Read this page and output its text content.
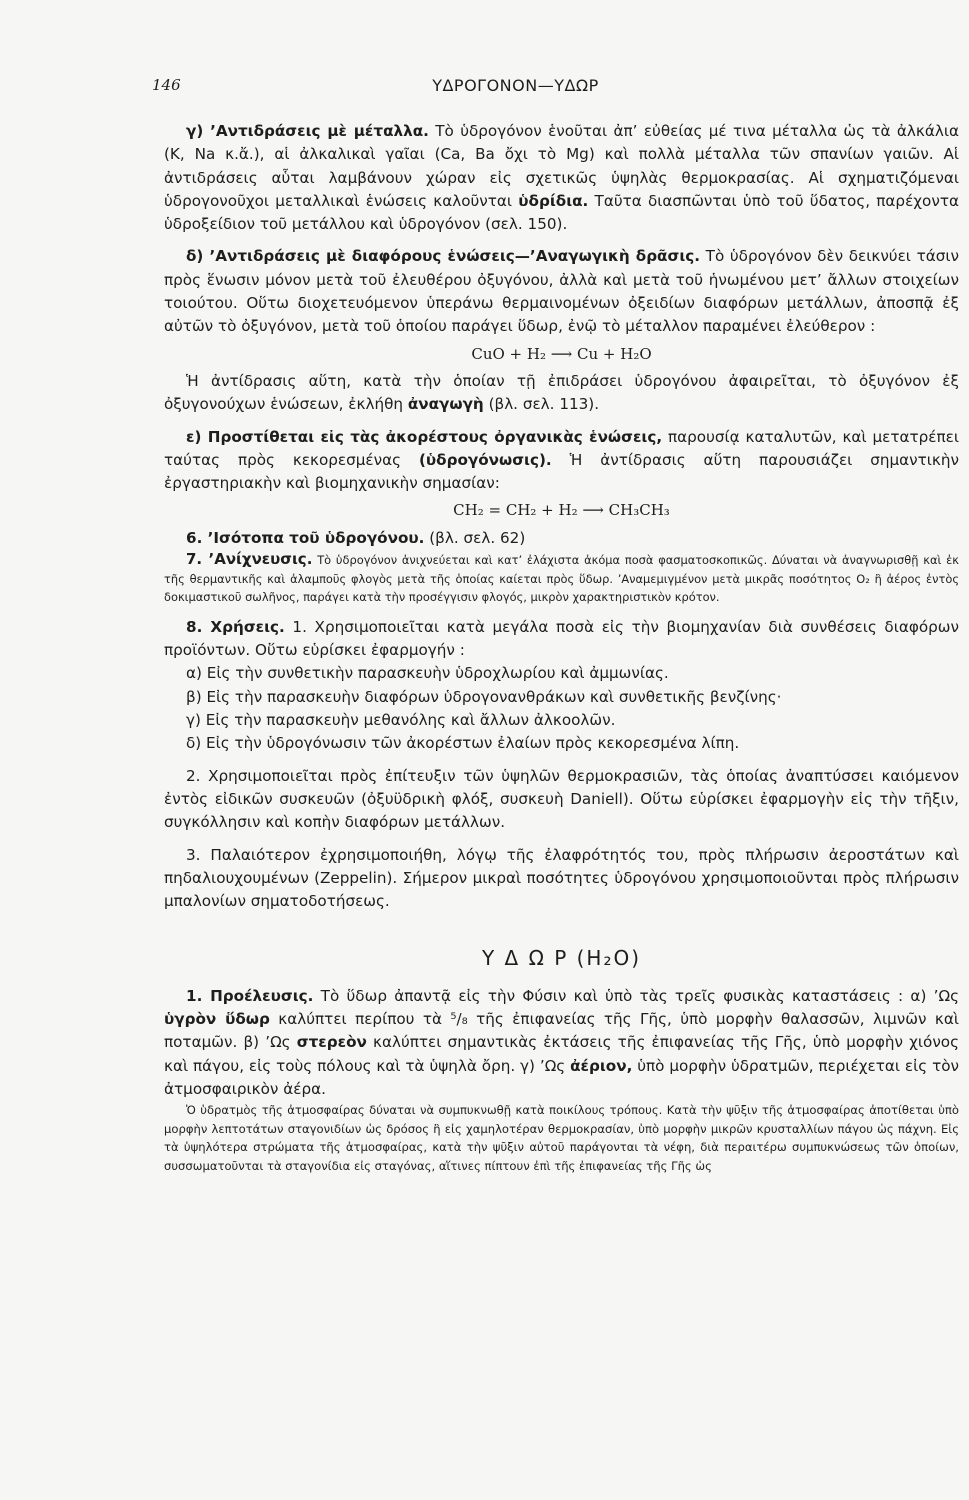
146	ΥΔΡΟΓΟΝΟΝ—ΥΔΩΡ

γ) ’Αντιδράσεις μὲ μέταλλα. Τὸ ὑδρογόνον ἑνοῦται ἀπ’ εὐθείας μέ τινα μέταλλα ὡς τὰ ἀλκάλια (K, Na κ.ἄ.), αἱ ἀλκαλικαὶ γαῖαι (Ca, Ba ὄχι τὸ Mg) καὶ πολλὰ μέταλλα τῶν σπανίων γαιῶν. Αἱ ἀντιδράσεις αὗται λαμβάνουν χώραν εἰς σχετικῶς ὑψηλὰς θερμοκρασίας. Αἱ σχηματιζόμεναι ὑδρογονοῦχοι μεταλλικαὶ ἑνώσεις καλοῦνται ὑδρίδια. Ταῦτα διασπῶνται ὑπὸ τοῦ ὕδατος, παρέχοντα ὑδροξείδιον τοῦ μετάλλου καὶ ὑδρογόνον (σελ. 150).

δ) ’Αντιδράσεις μὲ διαφόρους ἑνώσεις—’Αναγωγικὴ δρᾶσις. Τὸ ὑδρογόνον δὲν δεικνύει τάσιν πρὸς ἕνωσιν μόνον μετὰ τοῦ ἐλευθέρου ὀξυγόνου, ἀλλὰ καὶ μετὰ τοῦ ἡνωμένου μετ’ ἄλλων στοιχείων τοιούτου. Οὕτω διοχετευόμενον ὑπεράνω θερμαινομένων ὀξειδίων διαφόρων μετάλλων, ἀποσπᾷ ἐξ αὐτῶν τὸ ὀξυγόνον, μετὰ τοῦ ὁποίου παράγει ὕδωρ, ἐνῷ τὸ μέταλλον παραμένει ἐλεύθερον :

CuO + H₂ ⟶ Cu + H₂O

Ἡ ἀντίδρασις αὕτη, κατὰ τὴν ὁποίαν τῇ ἐπιδράσει ὑδρογόνου ἀφαιρεῖται, τὸ ὀξυγόνον ἐξ ὀξυγονούχων ἑνώσεων, ἐκλήθη ἀναγωγὴ (βλ. σελ. 113).

ε) Προστίθεται εἰς τὰς ἀκορέστους ὀργανικὰς ἑνώσεις, παρουσίᾳ καταλυτῶν, καὶ μετατρέπει ταύτας πρὸς κεκορεσμένας (ὑδρογόνωσις). Ἡ ἀντίδρασις αὕτη παρουσιάζει σημαντικὴν ἐργαστηριακὴν καὶ βιομηχανικὴν σημασίαν:

CH₂ = CH₂ + H₂ ⟶ CH₃CH₃

6. ’Ισότοπα τοῦ ὑδρογόνου. (βλ. σελ. 62)

7. ’Ανίχνευσις. Τὸ ὑδρογόνον ἀνιχνεύεται καὶ κατ’ ἐλάχιστα ἀκόμα ποσὰ φασματοσκοπικῶς. Δύναται νὰ ἀναγνωρισθῇ καὶ ἐκ τῆς θερμαντικῆς καὶ ἀλαμποῦς φλογὸς μετὰ τῆς ὁποίας καίεται πρὸς ὕδωρ. ’Αναμεμιγμένον μετὰ μικρᾶς ποσότητος O₂ ἢ ἀέρος ἐντὸς δοκιμαστικοῦ σωλῆνος, παράγει κατὰ τὴν προσέγγισιν φλογός, μικρὸν χαρακτηριστικὸν κρότον.

8. Χρήσεις. 1. Χρησιμοποιεῖται κατὰ μεγάλα ποσὰ εἰς τὴν βιομηχανίαν διὰ συνθέσεις διαφόρων προϊόντων. Οὕτω εὑρίσκει ἐφαρμογήν :

α) Εἰς τὴν συνθετικὴν παρασκευὴν ὑδροχλωρίου καὶ ἀμμωνίας.

β) Εἰς τὴν παρασκευὴν διαφόρων ὑδρογονανθράκων καὶ συνθετικῆς βενζίνης·

γ) Εἰς τὴν παρασκευὴν μεθανόλης καὶ ἄλλων ἀλκοολῶν.

δ) Εἰς τὴν ὑδρογόνωσιν τῶν ἀκορέστων ἐλαίων πρὸς κεκορεσμένα λίπη.

2. Χρησιμοποιεῖται πρὸς ἐπίτευξιν τῶν ὑψηλῶν θερμοκρασιῶν, τὰς ὁποίας ἀναπτύσσει καιόμενον ἐντὸς εἰδικῶν συσκευῶν (ὀξυϋδρικὴ φλόξ, συσκευὴ Daniell). Οὕτω εὑρίσκει ἐφαρμογὴν εἰς τὴν τῆξιν, συγκόλλησιν καὶ κοπὴν διαφόρων μετάλλων.

3. Παλαιότερον ἐχρησιμοποιήθη, λόγῳ τῆς ἐλαφρότητός του, πρὸς πλήρωσιν ἀεροστάτων καὶ πηδαλιουχουμένων (Zeppelin). Σήμερον μικραὶ ποσότητες ὑδρογόνου χρησιμοποιοῦνται πρὸς πλήρωσιν μπαλονίων σηματοδοτήσεως.

Υ Δ Ω Ρ (H₂O)

1. Προέλευσις. Τὸ ὕδωρ ἀπαντᾷ εἰς τὴν Φύσιν καὶ ὑπὸ τὰς τρεῖς φυσικὰς καταστάσεις : α) ’Ως ὑγρὸν ὕδωρ καλύπτει περίπου τὰ ⁵/₈ τῆς ἐπιφανείας τῆς Γῆς, ὑπὸ μορφὴν θαλασσῶν, λιμνῶν καὶ ποταμῶν. β) ’Ως στερεὸν καλύπτει σημαντικὰς ἐκτάσεις τῆς ἐπιφανείας τῆς Γῆς, ὑπὸ μορφὴν χιόνος καὶ πάγου, εἰς τοὺς πόλους καὶ τὰ ὑψηλὰ ὄρη. γ) ’Ως ἀέριον, ὑπὸ μορφὴν ὑδρατμῶν, περιέχεται εἰς τὸν ἀτμοσφαιρικὸν ἀέρα.

Ὁ ὑδρατμὸς τῆς ἀτμοσφαίρας δύναται νὰ συμπυκνωθῇ κατὰ ποικίλους τρόπους. Κατὰ τὴν ψῦξιν τῆς ἀτμοσφαίρας ἀποτίθεται ὑπὸ μορφὴν λεπτοτάτων σταγονιδίων ὡς δρόσος ἢ εἰς χαμηλοτέραν θερμοκρασίαν, ὑπὸ μορφὴν μικρῶν κρυσταλλίων πάγου ὡς πάχνη. Εἰς τὰ ὑψηλότερα στρώματα τῆς ἀτμοσφαίρας, κατὰ τὴν ψῦξιν αὐτοῦ παράγονται τὰ νέφη, διὰ περαιτέρω συμπυκνώσεως τῶν ὁποίων, συσσωματοῦνται τὰ σταγονίδια εἰς σταγόνας, αἵτινες πίπτουν ἐπὶ τῆς ἐπιφανείας τῆς Γῆς ὡς
